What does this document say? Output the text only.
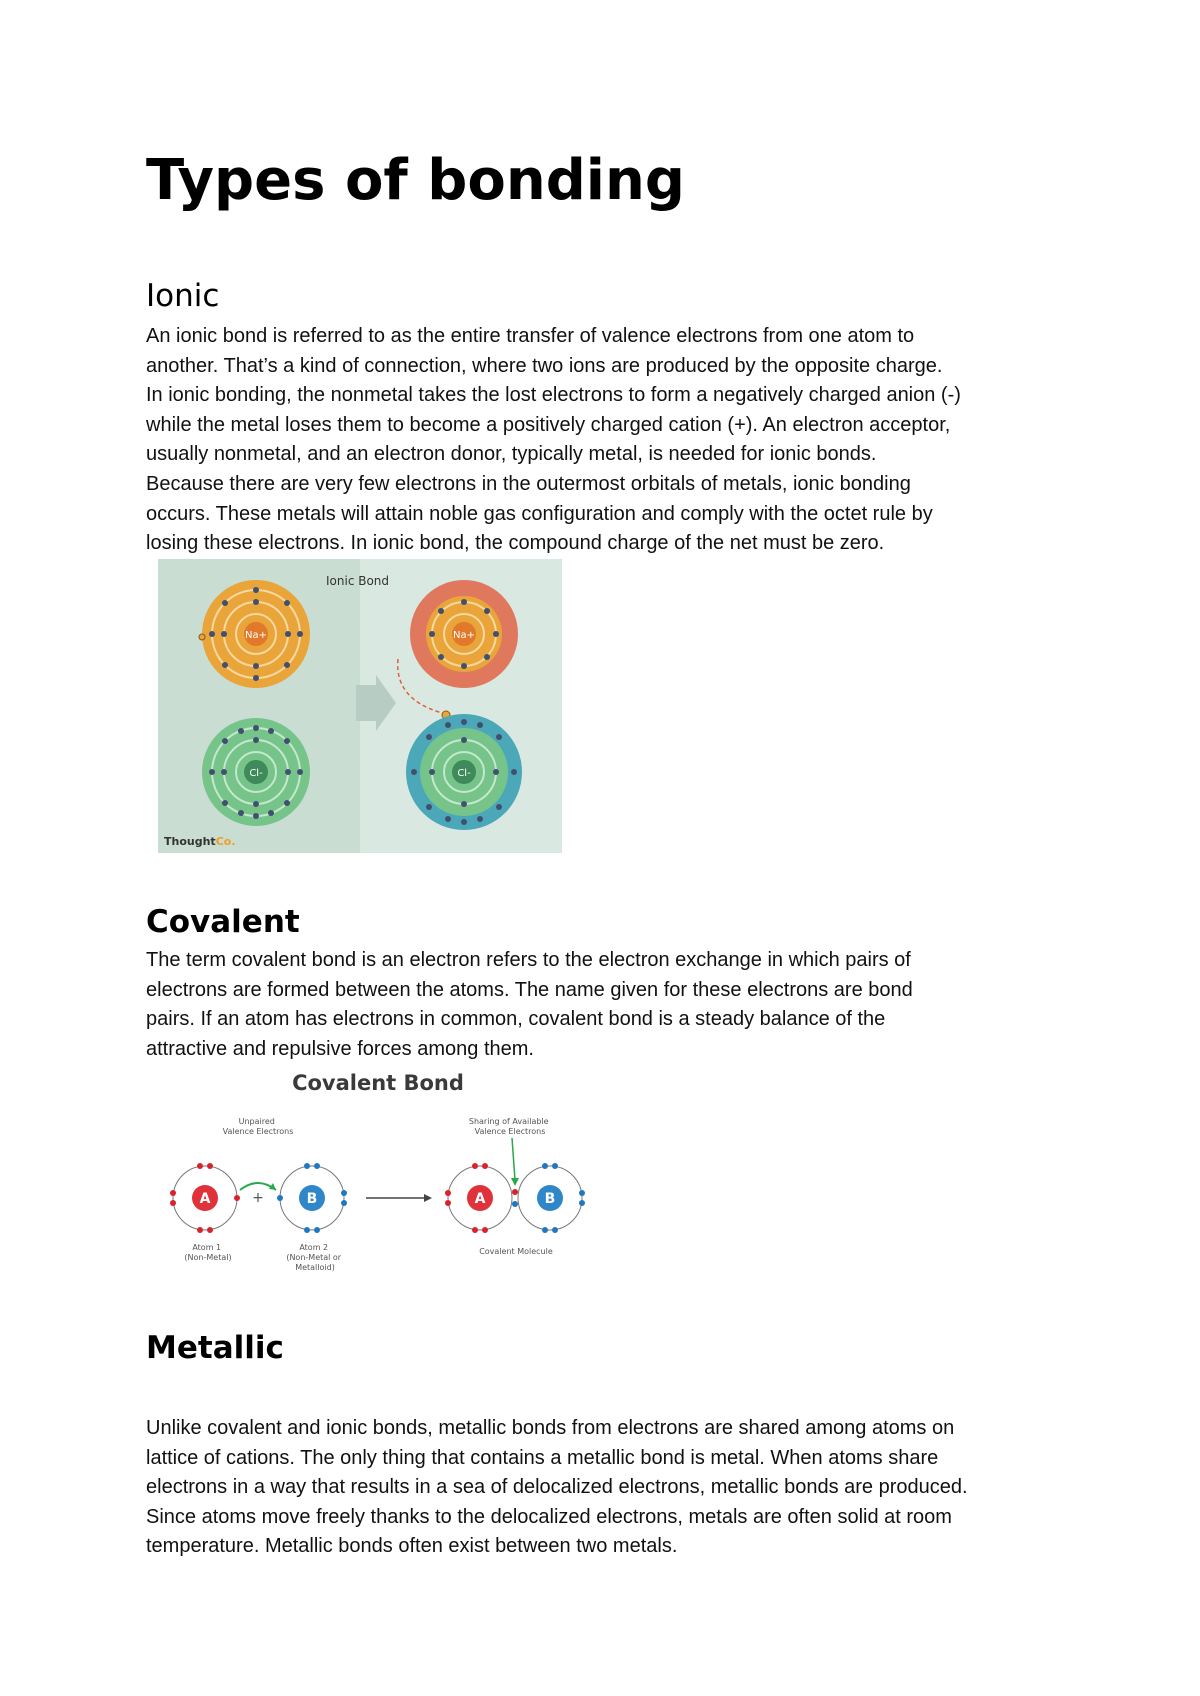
Types of bonding
Ionic

An ionic bond is referred to as the entire transfer of valence electrons from one atom to
another. That’s a kind of connection, where two ions are produced by the opposite charge.
In ionic bonding, the nonmetal takes the lost electrons to form a negatively charged anion (-)
while the metal loses them to become a positively charged cation (+). An electron acceptor,
usually nonmetal, and an electron donor, typically metal, is needed for ionic bonds.
Because there are very few electrons in the outermost orbitals of metals, ionic bonding
occurs. These metals will attain noble gas configuration and comply with the octet rule by
losing these electrons. In ionic bond, the compound charge of the net must be zero.

Ionic Bond
Na+
Cl-
Na+
Cl-
ThoughtCo.
Covalent

The term covalent bond is an electron refers to the electron exchange in which pairs of
electrons are formed between the atoms. The name given for these electrons are bond
pairs. If an atom has electrons in common, covalent bond is a steady balance of the
attractive and repulsive forces among them.

Covalent Bond
Unpaired Valence Electrons
Sharing of Available Valence Electrons
A	+	B	A	B
Atom 1 (Non-Metal)
Atom 2 (Non-Metal or Metalloid)
Covalent Molecule
Metallic

Unlike covalent and ionic bonds, metallic bonds from electrons are shared among atoms on
lattice of cations. The only thing that contains a metallic bond is metal. When atoms share
electrons in a way that results in a sea of delocalized electrons, metallic bonds are produced.
Since atoms move freely thanks to the delocalized electrons, metals are often solid at room
temperature. Metallic bonds often exist between two metals.
